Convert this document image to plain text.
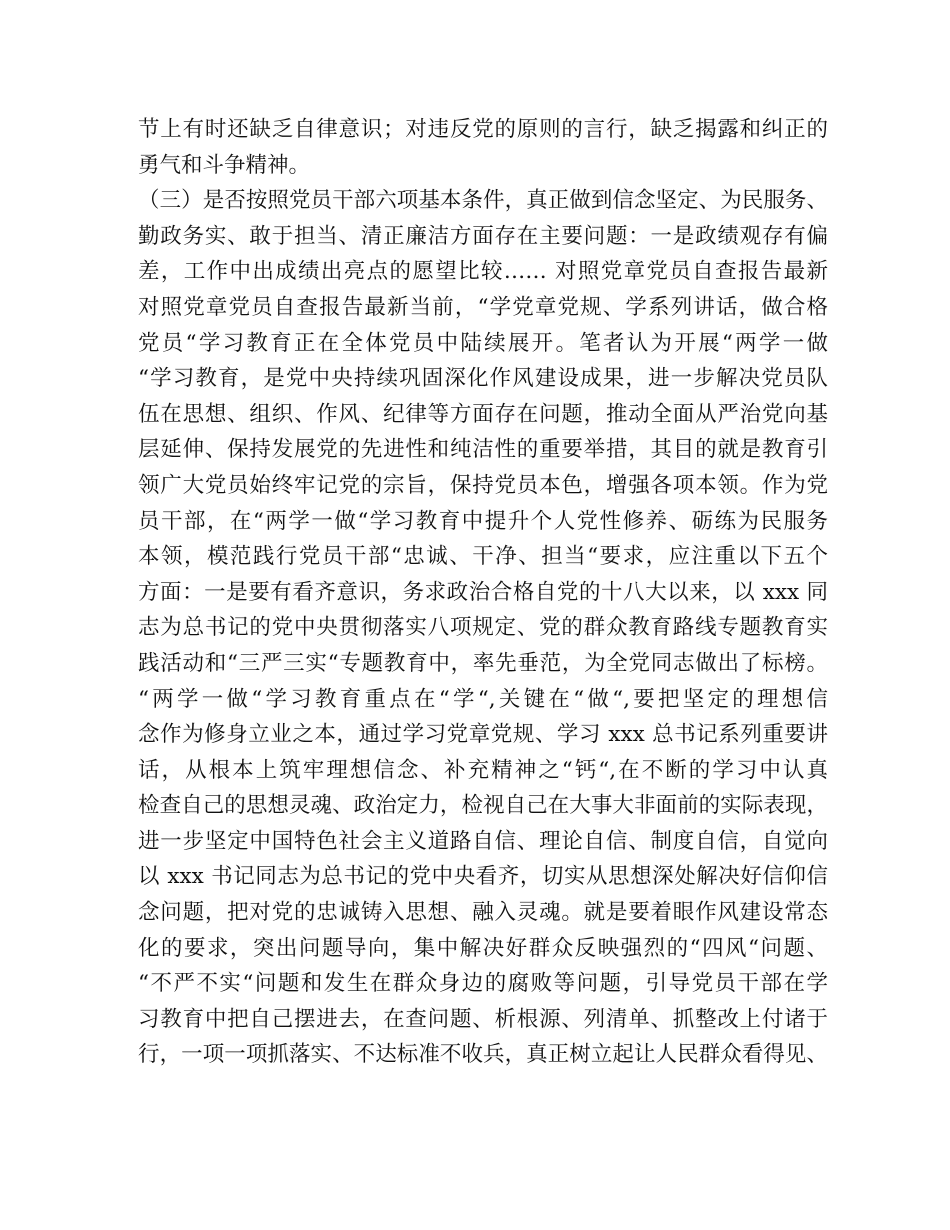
节上有时还缺乏自律意识；对违反党的原则的言行，缺乏揭露和纠正的
勇气和斗争精神。
（三）是否按照党员干部六项基本条件，真正做到信念坚定、为民服务、
勤政务实、敢于担当、清正廉洁方面存在主要问题：一是政绩观存有偏
差，工作中出成绩出亮点的愿望比较…… 对照党章党员自查报告最新
对照党章党员自查报告最新当前，“学党章党规、学系列讲话，做合格
党员“学习教育正在全体党员中陆续展开。笔者认为开展“两学一做
“学习教育，是党中央持续巩固深化作风建设成果，进一步解决党员队
伍在思想、组织、作风、纪律等方面存在问题，推动全面从严治党向基
层延伸、保持发展党的先进性和纯洁性的重要举措，其目的就是教育引
领广大党员始终牢记党的宗旨，保持党员本色，增强各项本领。作为党
员干部，在“两学一做“学习教育中提升个人党性修养、砺练为民服务
本领，模范践行党员干部“忠诚、干净、担当“要求，应注重以下五个
方面：一是要有看齐意识，务求政治合格自党的十八大以来，以 xxx 同
志为总书记的党中央贯彻落实八项规定、党的群众教育路线专题教育实
践活动和“三严三实“专题教育中，率先垂范，为全党同志做出了标榜。
“两学一做“学习教育重点在“学“,关键在“做“,要把坚定的理想信
念作为修身立业之本，通过学习党章党规、学习 xxx 总书记系列重要讲
话，从根本上筑牢理想信念、补充精神之“钙“,在不断的学习中认真
检查自己的思想灵魂、政治定力，检视自己在大事大非面前的实际表现，
进一步坚定中国特色社会主义道路自信、理论自信、制度自信，自觉向
以 xxx 书记同志为总书记的党中央看齐，切实从思想深处解决好信仰信
念问题，把对党的忠诚铸入思想、融入灵魂。就是要着眼作风建设常态
化的要求，突出问题导向，集中解决好群众反映强烈的“四风“问题、
“不严不实“问题和发生在群众身边的腐败等问题，引导党员干部在学
习教育中把自己摆进去，在查问题、析根源、列清单、抓整改上付诸于
行，一项一项抓落实、不达标准不收兵，真正树立起让人民群众看得见、
